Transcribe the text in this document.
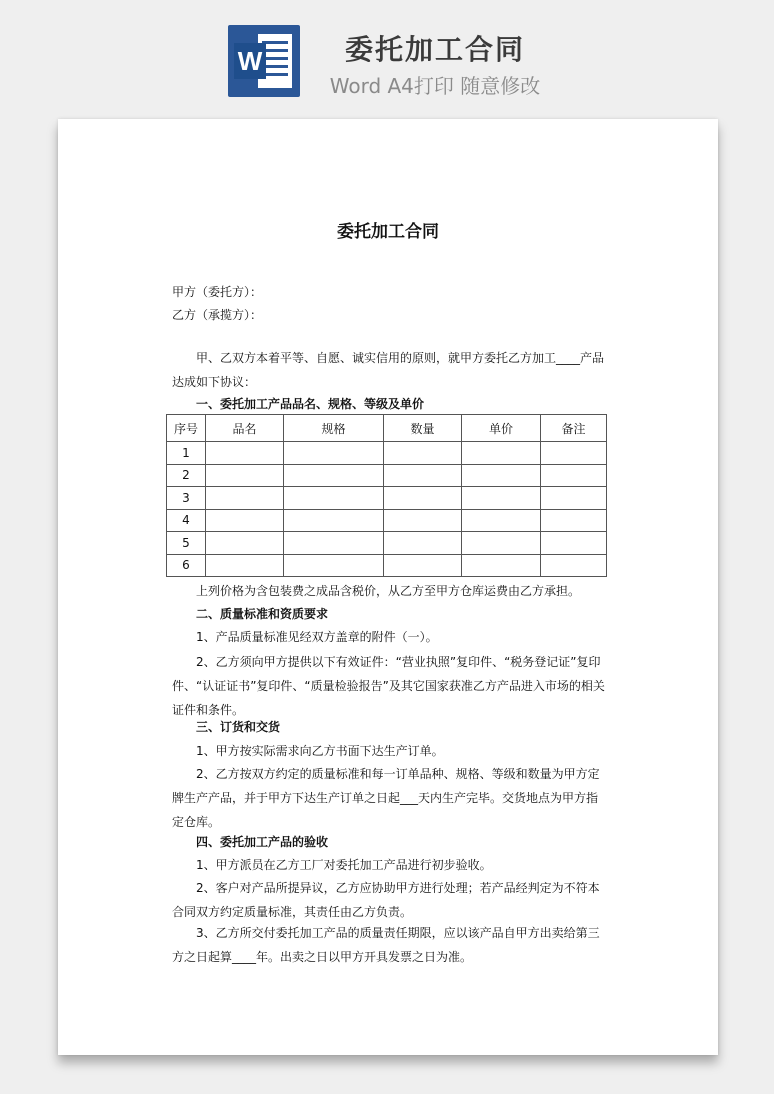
W	委托加工合同
Word A4打印 随意修改
委托加工合同
甲方（委托方）：
乙方（承揽方）：

甲、乙双方本着平等、自愿、诚实信用的原则，就甲方委托乙方加工____产品达成如下协议：

一、委托加工产品品名、规格、等级及单价
序号	品名	规格	数量	单价	备注
1					
2					
3					
4					
5					
6					

上列价格为含包装费之成品含税价，从乙方至甲方仓库运费由乙方承担。

二、质量标准和资质要求

1、产品质量标准见经双方盖章的附件（一）。

2、乙方须向甲方提供以下有效证件：“营业执照”复印件、“税务登记证”复印件、“认证证书”复印件、“质量检验报告”及其它国家获准乙方产品进入市场的相关证件和条件。

三、订货和交货

1、甲方按实际需求向乙方书面下达生产订单。

2、乙方按双方约定的质量标准和每一订单品种、规格、等级和数量为甲方定牌生产产品，并于甲方下达生产订单之日起___天内生产完毕。交货地点为甲方指定仓库。

四、委托加工产品的验收

1、甲方派员在乙方工厂对委托加工产品进行初步验收。

2、客户对产品所提异议，乙方应协助甲方进行处理；若产品经判定为不符本合同双方约定质量标准，其责任由乙方负责。

3、乙方所交付委托加工产品的质量责任期限，应以该产品自甲方出卖给第三方之日起算____年。出卖之日以甲方开具发票之日为准。
